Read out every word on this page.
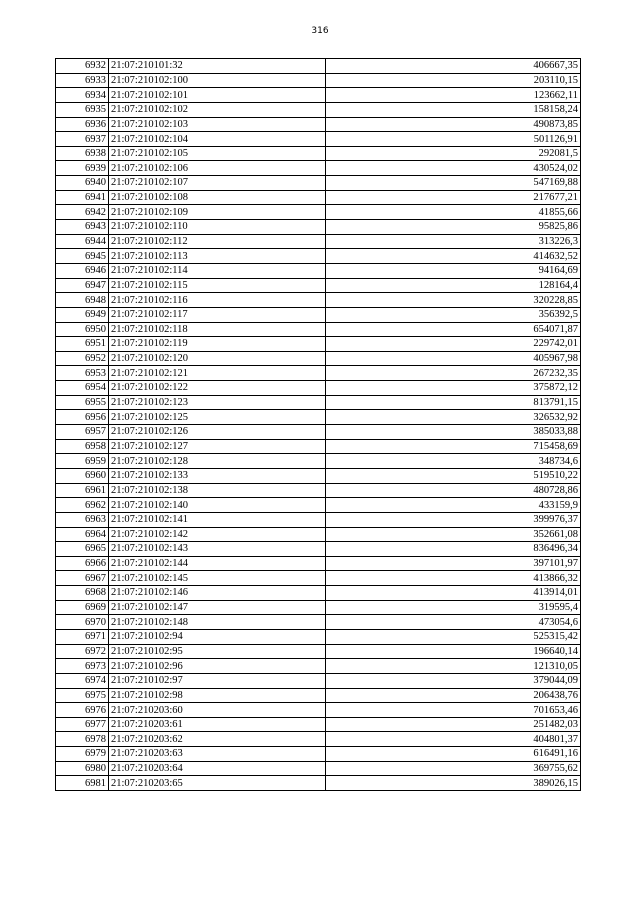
316
6932	21:07:210101:32	406667,35
6933	21:07:210102:100	203110,15
6934	21:07:210102:101	123662,11
6935	21:07:210102:102	158158,24
6936	21:07:210102:103	490873,85
6937	21:07:210102:104	501126,91
6938	21:07:210102:105	292081,5
6939	21:07:210102:106	430524,02
6940	21:07:210102:107	547169,88
6941	21:07:210102:108	217677,21
6942	21:07:210102:109	41855,66
6943	21:07:210102:110	95825,86
6944	21:07:210102:112	313226,3
6945	21:07:210102:113	414632,52
6946	21:07:210102:114	94164,69
6947	21:07:210102:115	128164,4
6948	21:07:210102:116	320228,85
6949	21:07:210102:117	356392,5
6950	21:07:210102:118	654071,87
6951	21:07:210102:119	229742,01
6952	21:07:210102:120	405967,98
6953	21:07:210102:121	267232,35
6954	21:07:210102:122	375872,12
6955	21:07:210102:123	813791,15
6956	21:07:210102:125	326532,92
6957	21:07:210102:126	385033,88
6958	21:07:210102:127	715458,69
6959	21:07:210102:128	348734,6
6960	21:07:210102:133	519510,22
6961	21:07:210102:138	480728,86
6962	21:07:210102:140	433159,9
6963	21:07:210102:141	399976,37
6964	21:07:210102:142	352661,08
6965	21:07:210102:143	836496,34
6966	21:07:210102:144	397101,97
6967	21:07:210102:145	413866,32
6968	21:07:210102:146	413914,01
6969	21:07:210102:147	319595,4
6970	21:07:210102:148	473054,6
6971	21:07:210102:94	525315,42
6972	21:07:210102:95	196640,14
6973	21:07:210102:96	121310,05
6974	21:07:210102:97	379044,09
6975	21:07:210102:98	206438,76
6976	21:07:210203:60	701653,46
6977	21:07:210203:61	251482,03
6978	21:07:210203:62	404801,37
6979	21:07:210203:63	616491,16
6980	21:07:210203:64	369755,62
6981	21:07:210203:65	389026,15
